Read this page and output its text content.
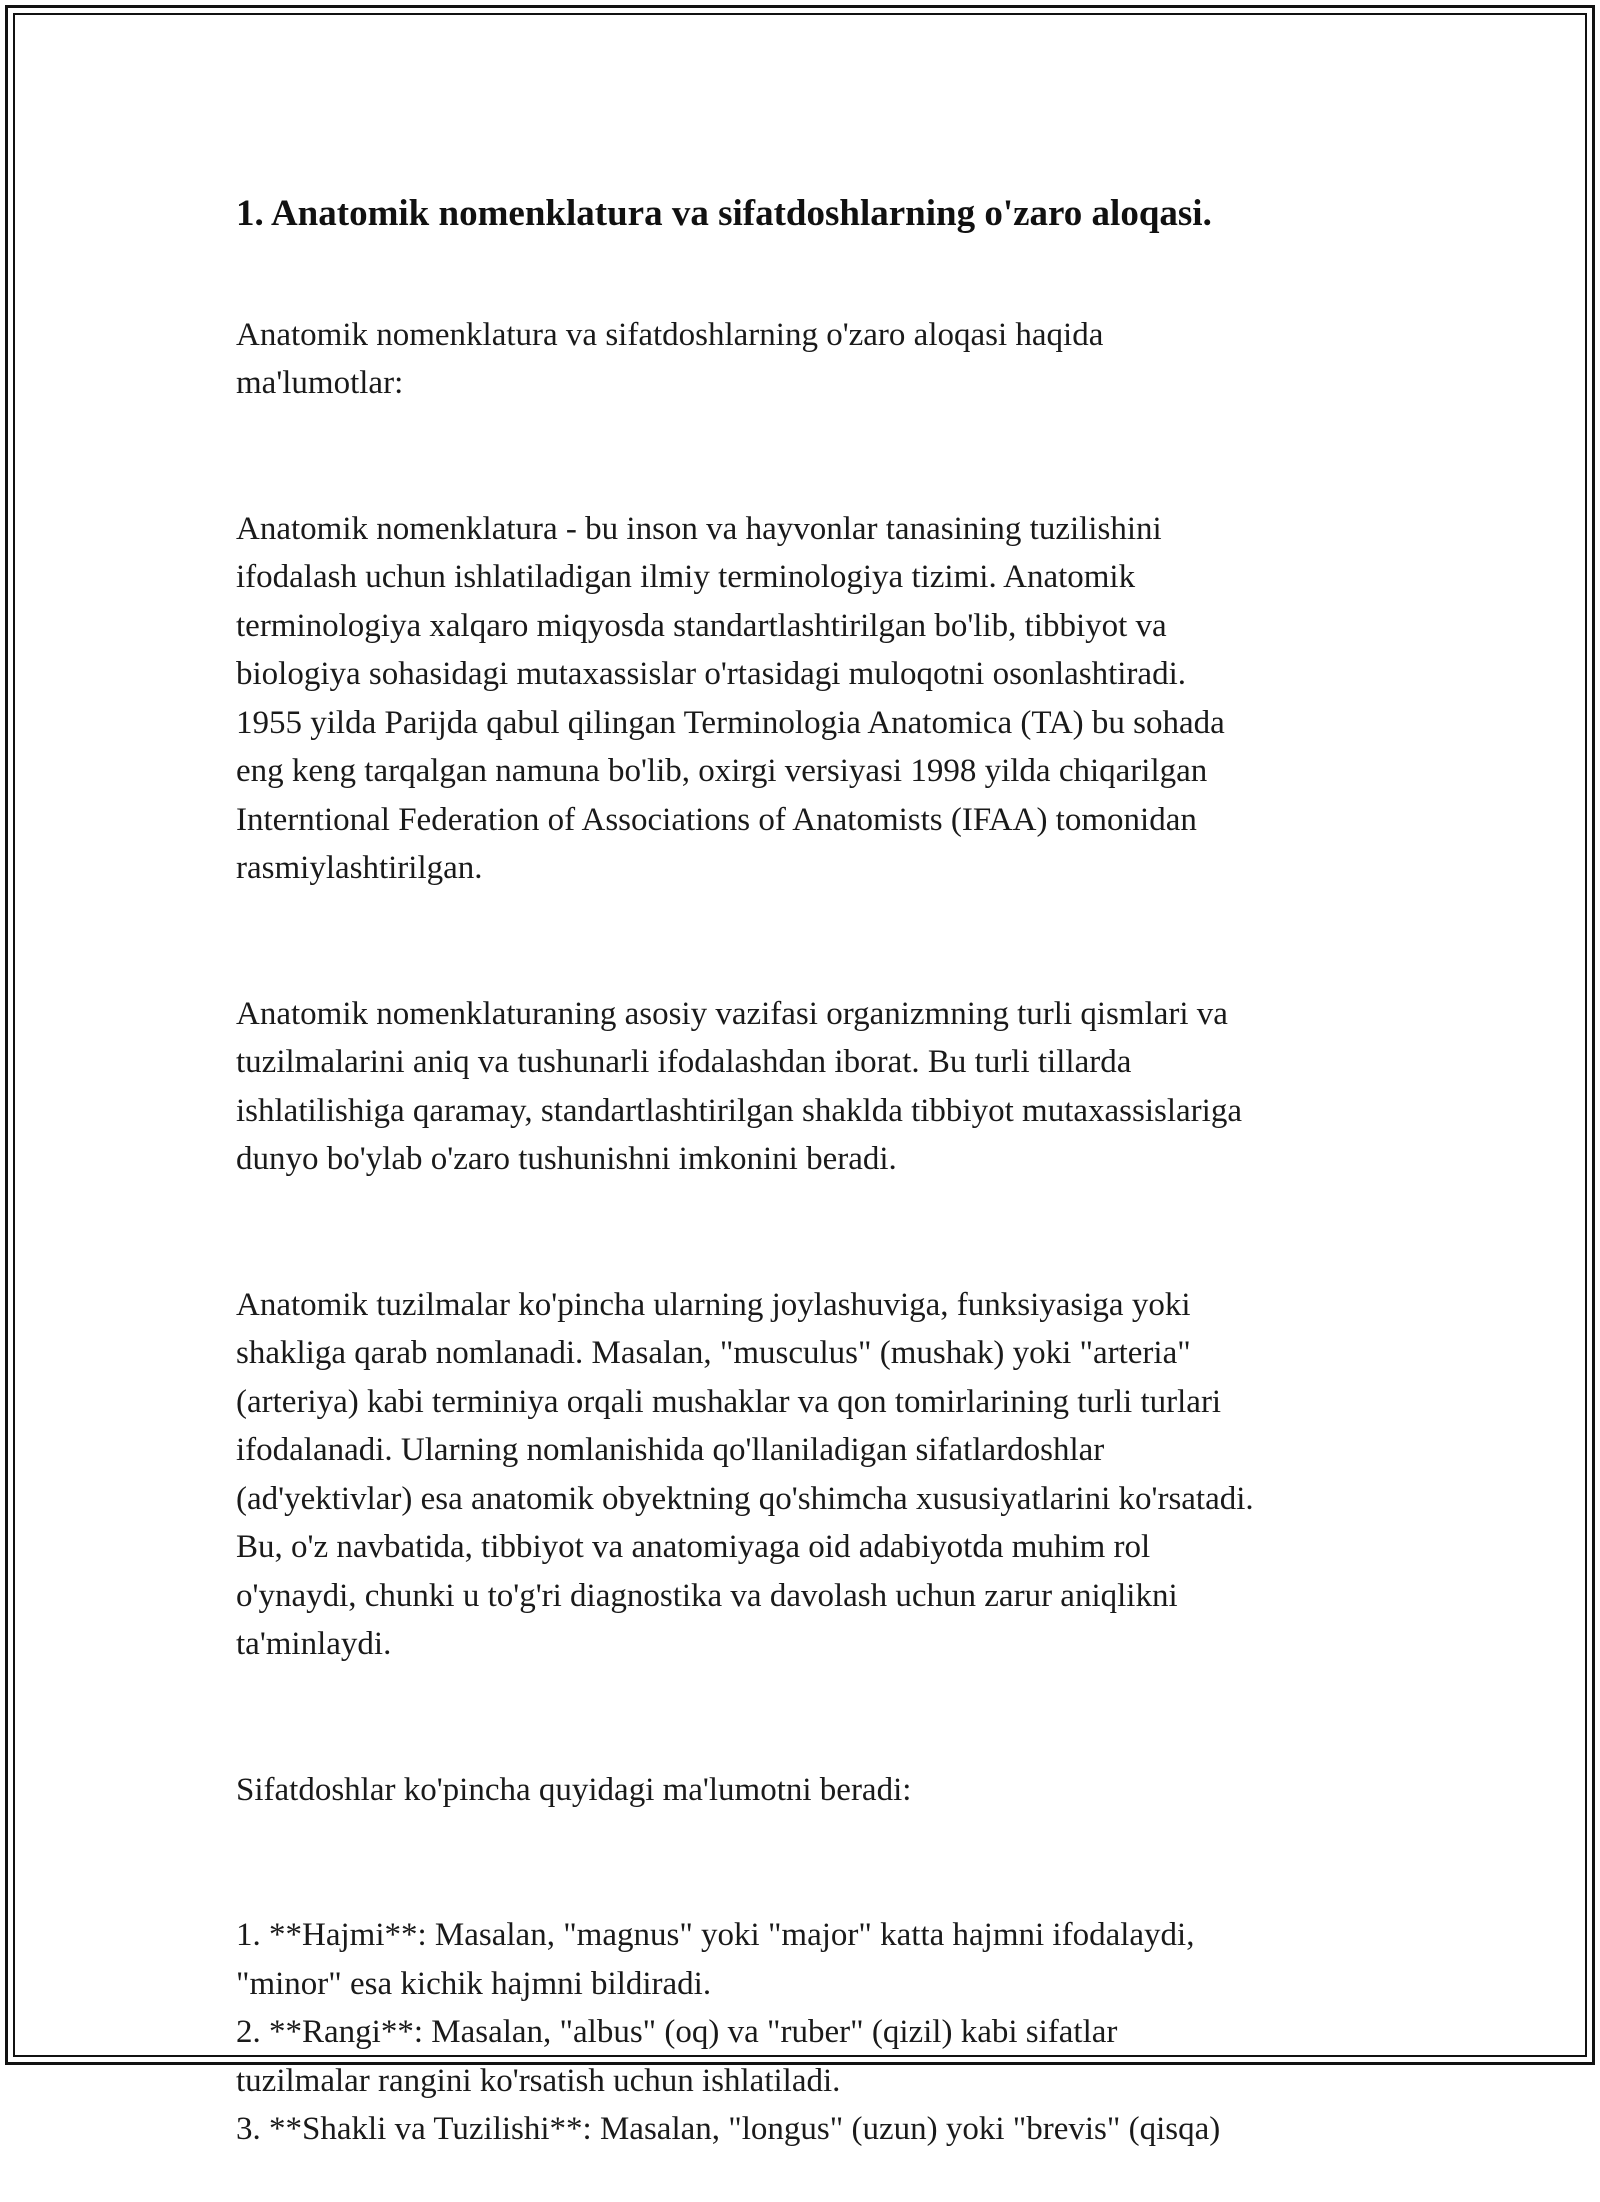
1. Anatomik nomenklatura va sifatdoshlarning o'zaro aloqasi.

Anatomik nomenklatura va sifatdoshlarning o'zaro aloqasi haqida
ma'lumotlar:

Anatomik nomenklatura - bu inson va hayvonlar tanasining tuzilishini
ifodalash uchun ishlatiladigan ilmiy terminologiya tizimi. Anatomik
terminologiya xalqaro miqyosda standartlashtirilgan bo'lib, tibbiyot va
biologiya sohasidagi mutaxassislar o'rtasidagi muloqotni osonlashtiradi.
1955 yilda Parijda qabul qilingan Terminologia Anatomica (TA) bu sohada
eng keng tarqalgan namuna bo'lib, oxirgi versiyasi 1998 yilda chiqarilgan
Interntional Federation of Associations of Anatomists (IFAA) tomonidan
rasmiylashtirilgan.

Anatomik nomenklaturaning asosiy vazifasi organizmning turli qismlari va
tuzilmalarini aniq va tushunarli ifodalashdan iborat. Bu turli tillarda
ishlatilishiga qaramay, standartlashtirilgan shakldа tibbiyot mutaxassislariga
dunyo bo'ylab o'zaro tushunishni imkonini beradi.

Anatomik tuzilmalar ko'pincha ularning joylashuviga, funksiyasiga yoki
shakliga qarab nomlanadi. Masalan, "musculus" (mushak) yoki "arteria"
(arteriya) kabi terminiya orqali mushaklar va qon tomirlarining turli turlari
ifodalanadi. Ularning nomlanishida qo'llaniladigan sifatlardoshlar
(ad'yektivlar) esa anatomik obyektning qo'shimcha xususiyatlarini ko'rsatadi.
Bu, o'z navbatida, tibbiyot va anatomiyaga oid adabiyotda muhim rol
o'ynaydi, chunki u to'g'ri diagnostika va davolash uchun zarur aniqlikni
ta'minlaydi.

Sifatdoshlar ko'pincha quyidagi ma'lumotni beradi:

1. **Hajmi**: Masalan, "magnus" yoki "major" katta hajmni ifodalaydi,
"minor" esa kichik hajmni bildiradi.
2. **Rangi**: Masalan, "albus" (oq) va "ruber" (qizil) kabi sifatlar
tuzilmalar rangini ko'rsatish uchun ishlatiladi.
3. **Shakli va Tuzilishi**: Masalan, "longus" (uzun) yoki "brevis" (qisqa)
